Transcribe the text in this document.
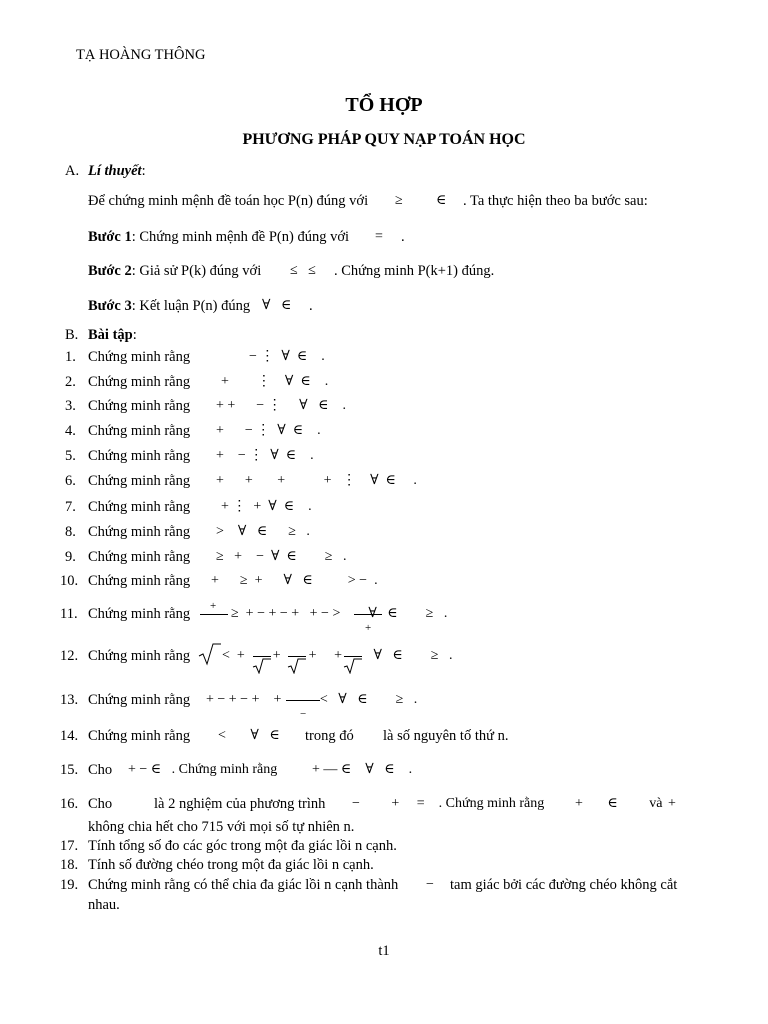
TẠ HOÀNG THÔNG
TỔ HỢP
PHƯƠNG PHÁP QUY NẠP TOÁN HỌC
A. Lí thuyết:
Để chứng minh mệnh đề toán học P(n) đúng với ≥ ∈ . Ta thực hiện theo ba bước sau:
Bước 1: Chứng minh mệnh đề P(n) đúng với = .
Bước 2: Giả sử P(k) đúng với ≤   ≤ . Chứng minh P(k+1) đúng.
Bước 3: Kết luận P(n) đúng ∀   ∈ .
B. Bài tập:
1. Chứng minh rằng	− ⋮  ∀  ∈    .
2. Chứng minh rằng +        ⋮    ∀  ∈    .
3. Chứng minh rằng + +      − ⋮     ∀   ∈    .
4. Chứng minh rằng +      − ⋮  ∀  ∈    .
5. Chứng minh rằng +    − ⋮  ∀  ∈    .
6. Chứng minh rằng +      +       +           +   ⋮    ∀  ∈     .
7. Chứng minh rằng + ⋮  +  ∀  ∈    .
8. Chứng minh rằng >    ∀   ∈      ≥   .
9. Chứng minh rằng ≥   +    −  ∀  ∈        ≥   .
10. Chứng minh rằng +      ≥  +      ∀   ∈          > −  .
11. Chứng minh rằng + ≥  + − + − +   + − >        ∀   ∈        ≥   .
+
12. Chứng minh rằng <  +        +        +     +         ∀   ∈        ≥   .
13. Chứng minh rằng + − + − +    +           <   ∀   ∈        ≥   .
−
14. Chứng minh rằng <       ∀   ∈ trong đó là số nguyên tố thứ n.
15. Cho + − ∈   . Chứng minh rằng + — ∈    ∀   ∈    .
16. Cho	là 2 nghiệm của phương trình −         +     =    . Chứng minh rằng +       ∈         và +
không chia hết cho 715 với mọi số tự nhiên n.
17. Tính tổng số đo các góc trong một đa giác lồi n cạnh.
18. Tính số đường chéo trong một đa giác lồi n cạnh.
19. Chứng minh rằng có thể chia đa giác lồi n cạnh thành − tam giác bởi các đường chéo không cắt
nhau.
t1
